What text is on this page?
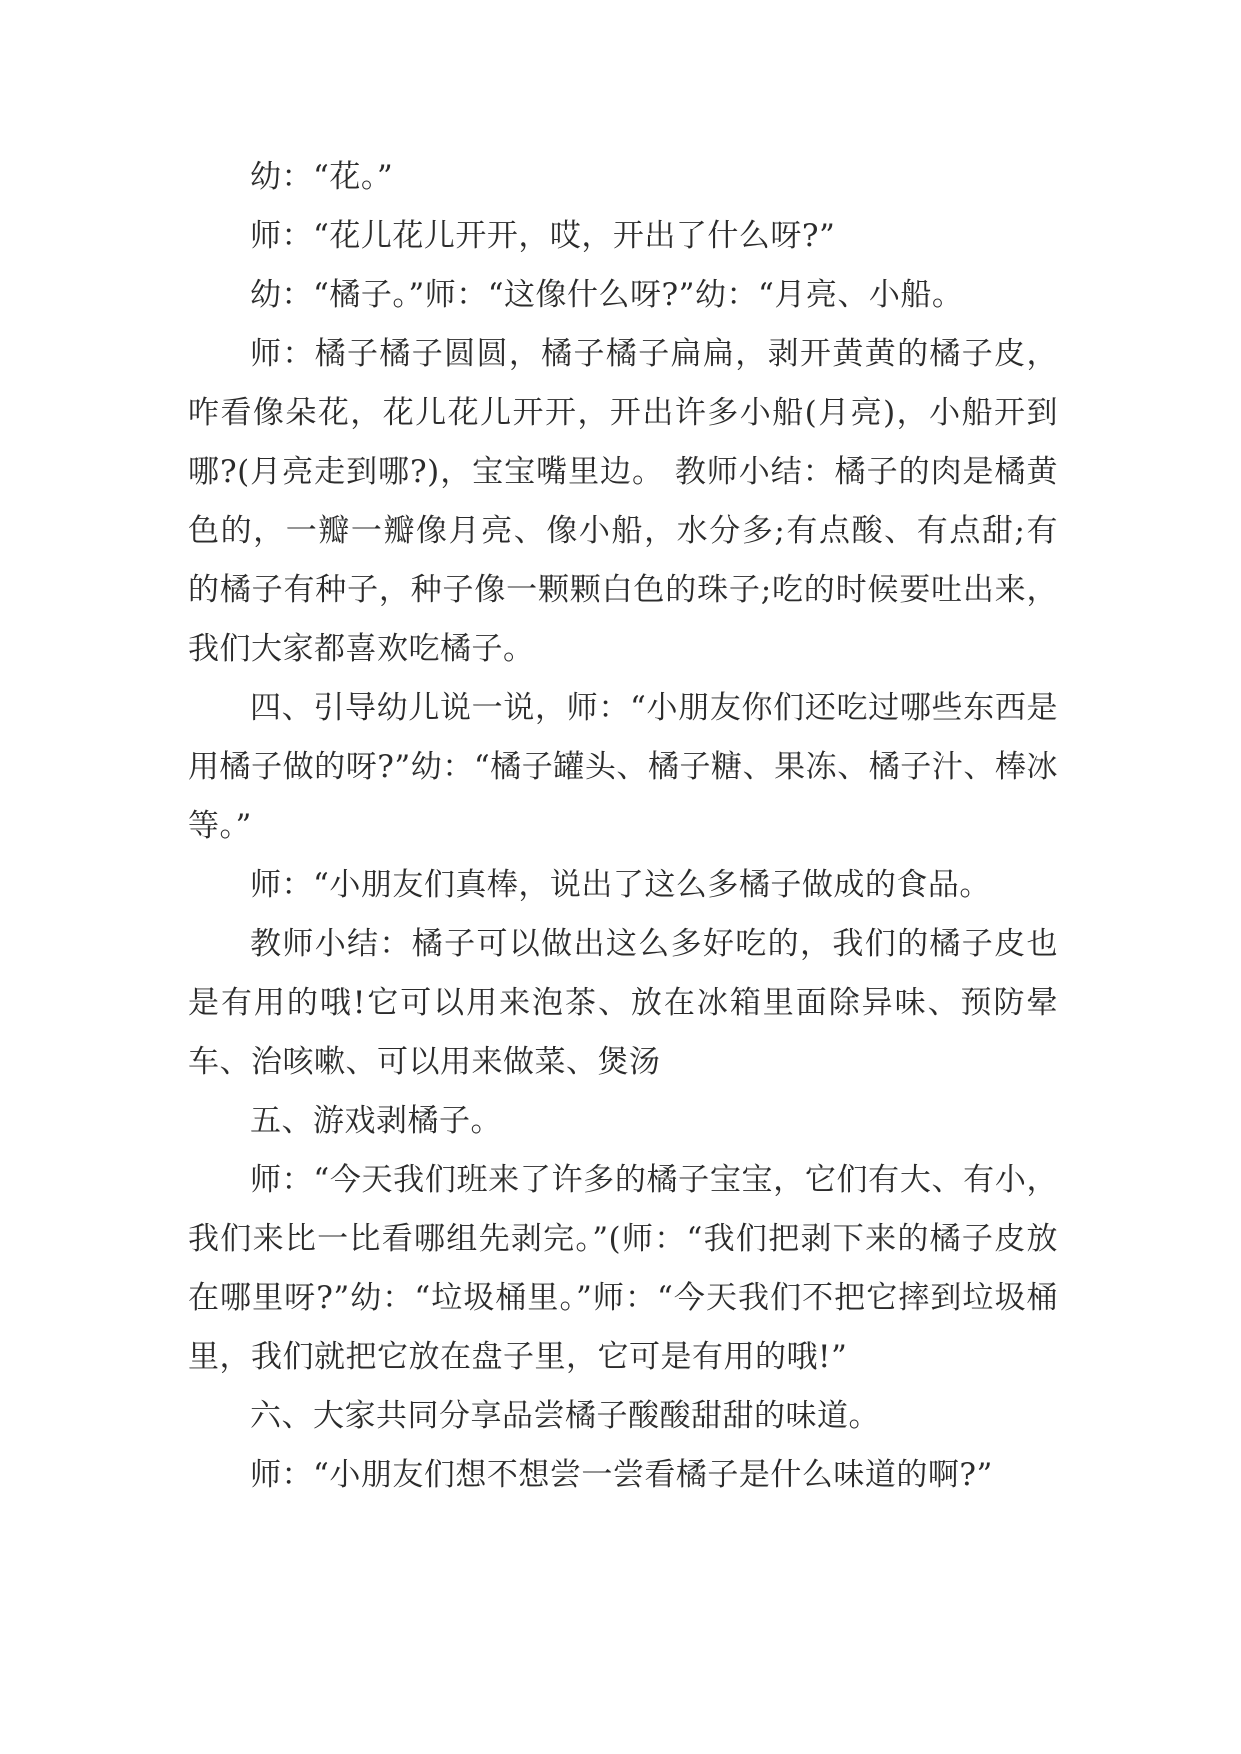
幼：“花。”

师：“花儿花儿开开，哎，开出了什么呀?”

幼：“橘子。”师：“这像什么呀?”幼：“月亮、小船。

师：橘子橘子圆圆，橘子橘子扁扁，剥开黄黄的橘子皮，咋看像朵花，花儿花儿开开，开出许多小船(月亮)，小船开到哪?(月亮走到哪?)，宝宝嘴里边。 教师小结：橘子的肉是橘黄色的，一瓣一瓣像月亮、像小船，水分多;有点酸、有点甜;有的橘子有种子，种子像一颗颗白色的珠子;吃的时候要吐出来，我们大家都喜欢吃橘子。

四、引导幼儿说一说，师：“小朋友你们还吃过哪些东西是用橘子做的呀?”幼：“橘子罐头、橘子糖、果冻、橘子汁、棒冰等。”

师：“小朋友们真棒，说出了这么多橘子做成的食品。

教师小结：橘子可以做出这么多好吃的，我们的橘子皮也是有用的哦!它可以用来泡茶、放在冰箱里面除异味、预防晕车、治咳嗽、可以用来做菜、煲汤

五、游戏剥橘子。

师：“今天我们班来了许多的橘子宝宝，它们有大、有小，我们来比一比看哪组先剥完。”(师：“我们把剥下来的橘子皮放在哪里呀?”幼：“垃圾桶里。”师：“今天我们不把它摔到垃圾桶里，我们就把它放在盘子里，它可是有用的哦!”

六、大家共同分享品尝橘子酸酸甜甜的味道。

师：“小朋友们想不想尝一尝看橘子是什么味道的啊?”
